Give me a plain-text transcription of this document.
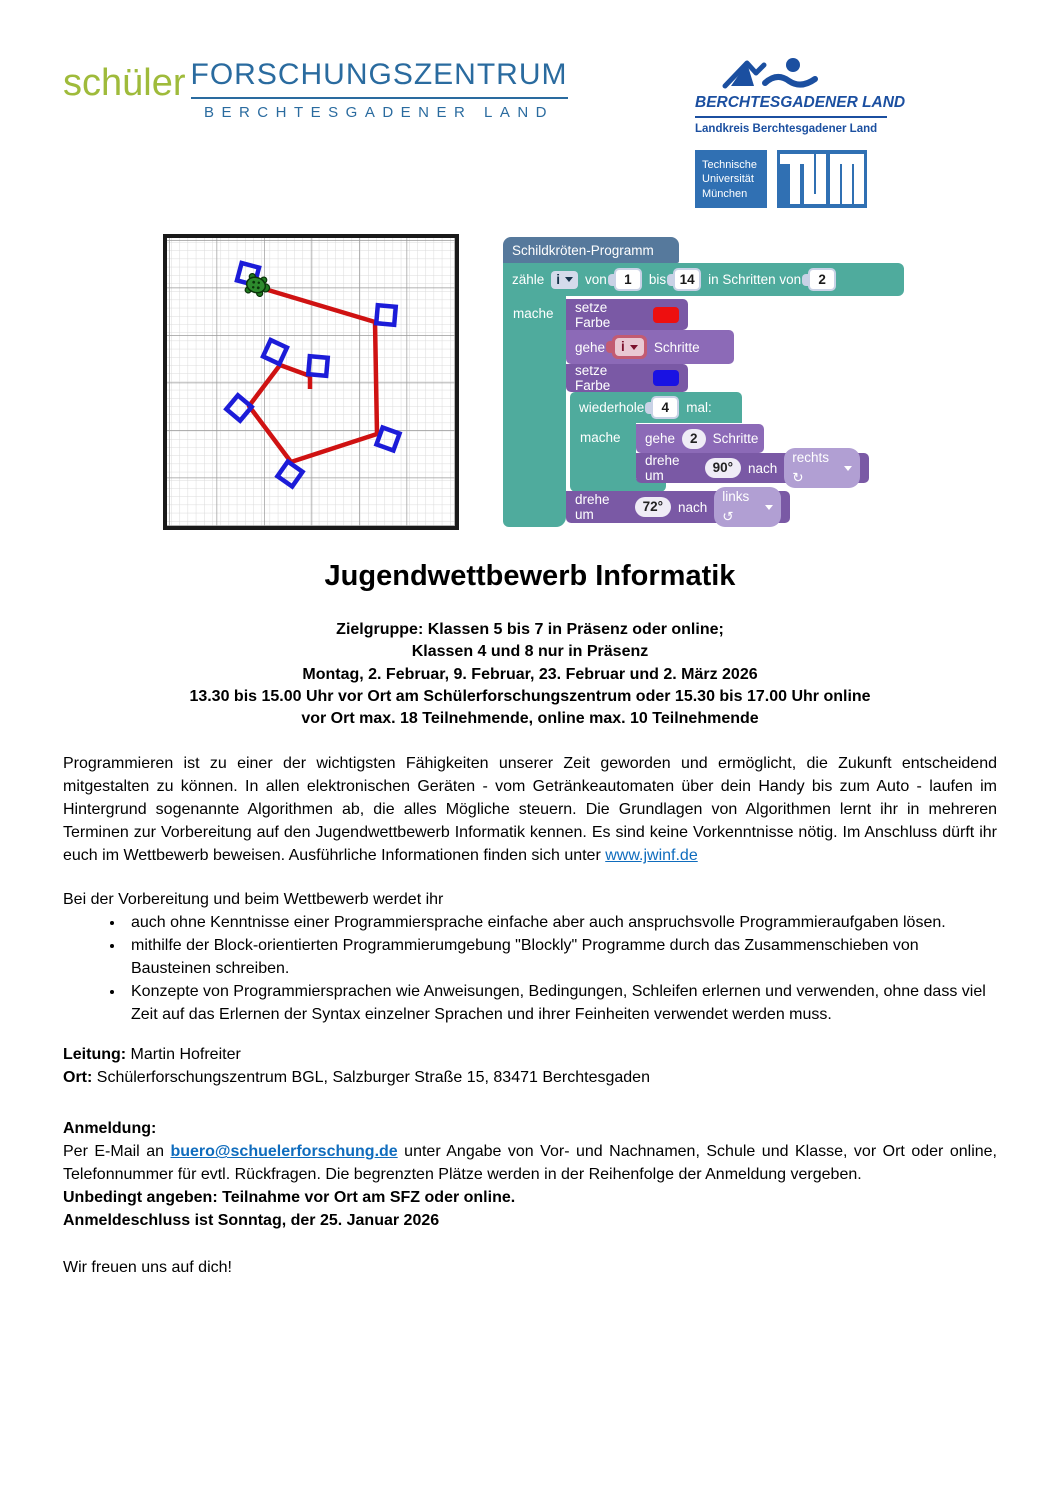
schüler FORSCHUNGSZENTRUM
BERCHTESGADENER LAND
BERCHTESGADENER LAND
Landkreis Berchtesgadener Land
Technische
Universität
München
Schildkröten-Programm
zähle i von	1	bis 14 in Schritten von	2
mache setze Farbe
gehe i Schritte
setze Farbe
wiederhole	4	mal:
mache gehe	2	Schritte
drehe um
90°	nach
rechts ↻
drehe um
72°	nach
links ↺
Jugendwettbewerb Informatik
Zielgruppe: Klassen 5 bis 7 in Präsenz oder online;
Klassen 4 und 8 nur in Präsenz
Montag, 2. Februar, 9. Februar, 23. Februar und 2. März 2026
13.30 bis 15.00 Uhr vor Ort am Schülerforschungszentrum oder 15.30 bis 17.00 Uhr online
vor Ort max. 18 Teilnehmende, online max. 10 Teilnehmende

Programmieren ist zu einer der wichtigsten Fähigkeiten unserer Zeit geworden und ermöglicht, die Zukunft entscheidend mitgestalten zu können. In allen elektronischen Geräten - vom Getränkeautomaten über dein Handy bis zum Auto - laufen im Hintergrund sogenannte Algorithmen ab, die alles Mögliche steuern. Die Grundlagen von Algorithmen lernt ihr in mehreren Terminen zur Vorbereitung auf den Jugendwettbewerb Informatik kennen. Es sind keine Vorkenntnisse nötig. Im Anschluss dürft ihr euch im Wettbewerb beweisen. Ausführliche Informationen finden sich unter www.jwinf.de

Bei der Vorbereitung und beim Wettbewerb werdet ihr

• auch ohne Kenntnisse einer Programmiersprache einfache aber auch anspruchsvolle Programmieraufgaben lösen.
• mithilfe der Block-orientierten Programmierumgebung "Blockly" Programme durch das Zusammenschieben von Bausteinen schreiben.
• Konzepte von Programmiersprachen wie Anweisungen, Bedingungen, Schleifen erlernen und verwenden, ohne dass viel Zeit auf das Erlernen der Syntax einzelner Sprachen und ihrer Feinheiten verwendet werden muss.
Leitung: Martin Hofreiter
Ort: Schülerforschungszentrum BGL, Salzburger Straße 15, 83471 Berchtesgaden
Anmeldung:
Per E-Mail an buero@schuelerforschung.de unter Angabe von Vor- und Nachnamen, Schule und Klasse, vor Ort oder online, Telefonnummer für evtl. Rückfragen. Die begrenzten Plätze werden in der Reihenfolge der Anmeldung vergeben.
Unbedingt angeben: Teilnahme vor Ort am SFZ oder online.
Anmeldeschluss ist Sonntag, der 25. Januar 2026

Wir freuen uns auf dich!
